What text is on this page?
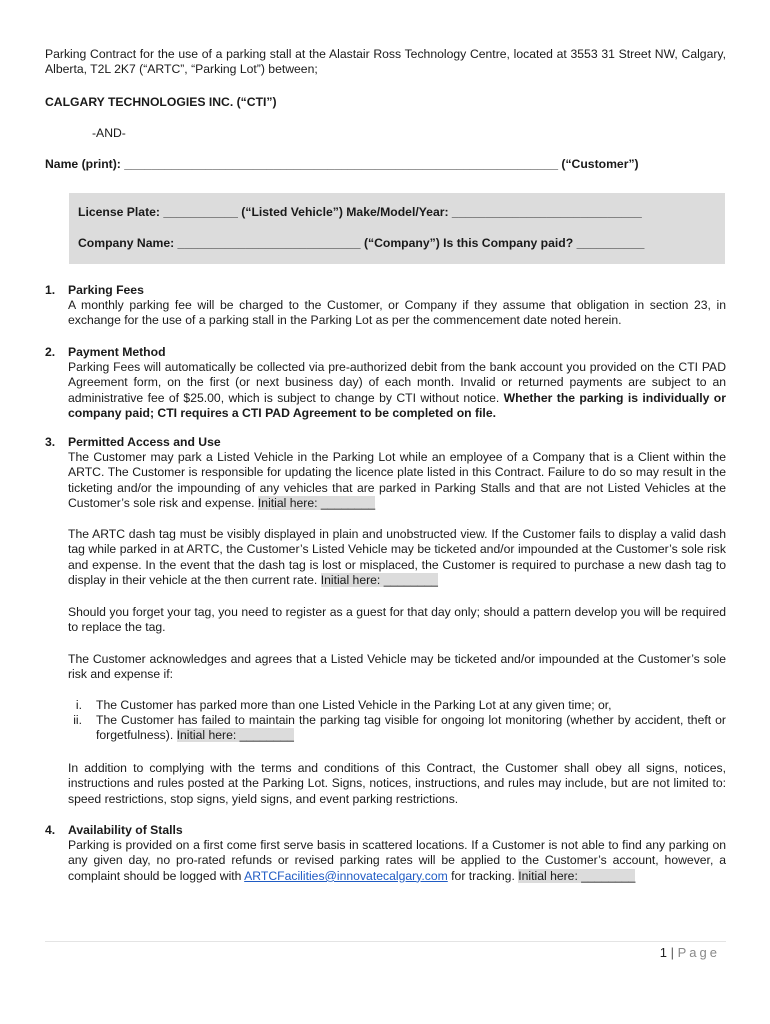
Parking Contract for the use of a parking stall at the Alastair Ross Technology Centre, located at 3553 31 Street NW, Calgary, Alberta, T2L 2K7 (“ARTC”, “Parking Lot”) between;
CALGARY TECHNOLOGIES INC. (“CTI”)
-AND-
Name (print): ________________________________________________________________ (“Customer”)
License Plate: ___________ (“Listed Vehicle”) Make/Model/Year: ____________________________
Company Name: ___________________________ (“Company”) Is this Company paid? __________
1. Parking Fees
A monthly parking fee will be charged to the Customer, or Company if they assume that obligation in section 23, in exchange for the use of a parking stall in the Parking Lot as per the commencement date noted herein.
2. Payment Method
Parking Fees will automatically be collected via pre-authorized debit from the bank account you provided on the CTI PAD Agreement form, on the first (or next business day) of each month. Invalid or returned payments are subject to an administrative fee of $25.00, which is subject to change by CTI without notice. Whether the parking is individually or company paid; CTI requires a CTI PAD Agreement to be completed on file.
3. Permitted Access and Use
The Customer may park a Listed Vehicle in the Parking Lot while an employee of a Company that is a Client within the ARTC. The Customer is responsible for updating the licence plate listed in this Contract. Failure to do so may result in the ticketing and/or the impounding of any vehicles that are parked in Parking Stalls and that are not Listed Vehicles at the Customer’s sole risk and expense. Initial here: ________
The ARTC dash tag must be visibly displayed in plain and unobstructed view. If the Customer fails to display a valid dash tag while parked in at ARTC, the Customer’s Listed Vehicle may be ticketed and/or impounded at the Customer’s sole risk and expense. In the event that the dash tag is lost or misplaced, the Customer is required to purchase a new dash tag to display in their vehicle at the then current rate. Initial here: ________
Should you forget your tag, you need to register as a guest for that day only; should a pattern develop you will be required to replace the tag.
The Customer acknowledges and agrees that a Listed Vehicle may be ticketed and/or impounded at the Customer’s sole risk and expense if:
i. The Customer has parked more than one Listed Vehicle in the Parking Lot at any given time; or,
ii. The Customer has failed to maintain the parking tag visible for ongoing lot monitoring (whether by accident, theft or forgetfulness). Initial here: ________
In addition to complying with the terms and conditions of this Contract, the Customer shall obey all signs, notices, instructions and rules posted at the Parking Lot. Signs, notices, instructions, and rules may include, but are not limited to: speed restrictions, stop signs, yield signs, and event parking restrictions.
4. Availability of Stalls
Parking is provided on a first come first serve basis in scattered locations. If a Customer is not able to find any parking on any given day, no pro-rated refunds or revised parking rates will be applied to the Customer’s account, however, a complaint should be logged with ARTCFacilities@innovatecalgary.com for tracking. Initial here: ________
1 | Page
